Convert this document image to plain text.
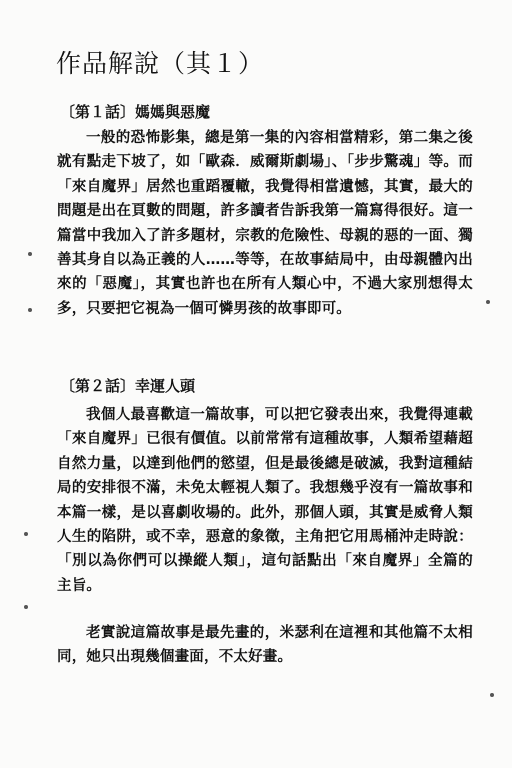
作品解說（其１）
〔第１話〕媽媽與惡魔

一般的恐怖影集，總是第一集的內容相當精彩，第二集之後就有點走下坡了，如「歐森．威爾斯劇場」、「步步驚魂」等。而「來自魔界」居然也重蹈覆轍，我覺得相當遺憾，其實，最大的問題是出在頁數的問題，許多讀者告訴我第一篇寫得很好。這一篇當中我加入了許多題材，宗教的危險性、母親的惡的一面、獨善其身自以為正義的人……等等，在故事結局中，由母親體內出來的「惡魔」，其實也許也在所有人類心中，不過大家別想得太多，只要把它視為一個可憐男孩的故事即可。

〔第２話〕幸運人頭

我個人最喜歡這一篇故事，可以把它發表出來，我覺得連載「來自魔界」已很有價值。以前常常有這種故事，人類希望藉超自然力量，以達到他們的慾望，但是最後總是破滅，我對這種結局的安排很不滿，未免太輕視人類了。我想幾乎沒有一篇故事和本篇一樣，是以喜劇收場的。此外，那個人頭，其實是威脅人類人生的陷阱，或不幸，惡意的象徵，主角把它用馬桶沖走時說：「別以為你們可以操縱人類」，這句話點出「來自魔界」全篇的主旨。

老實說這篇故事是最先畫的，米瑟利在這裡和其他篇不太相同，她只出現幾個畫面，不太好畫。
